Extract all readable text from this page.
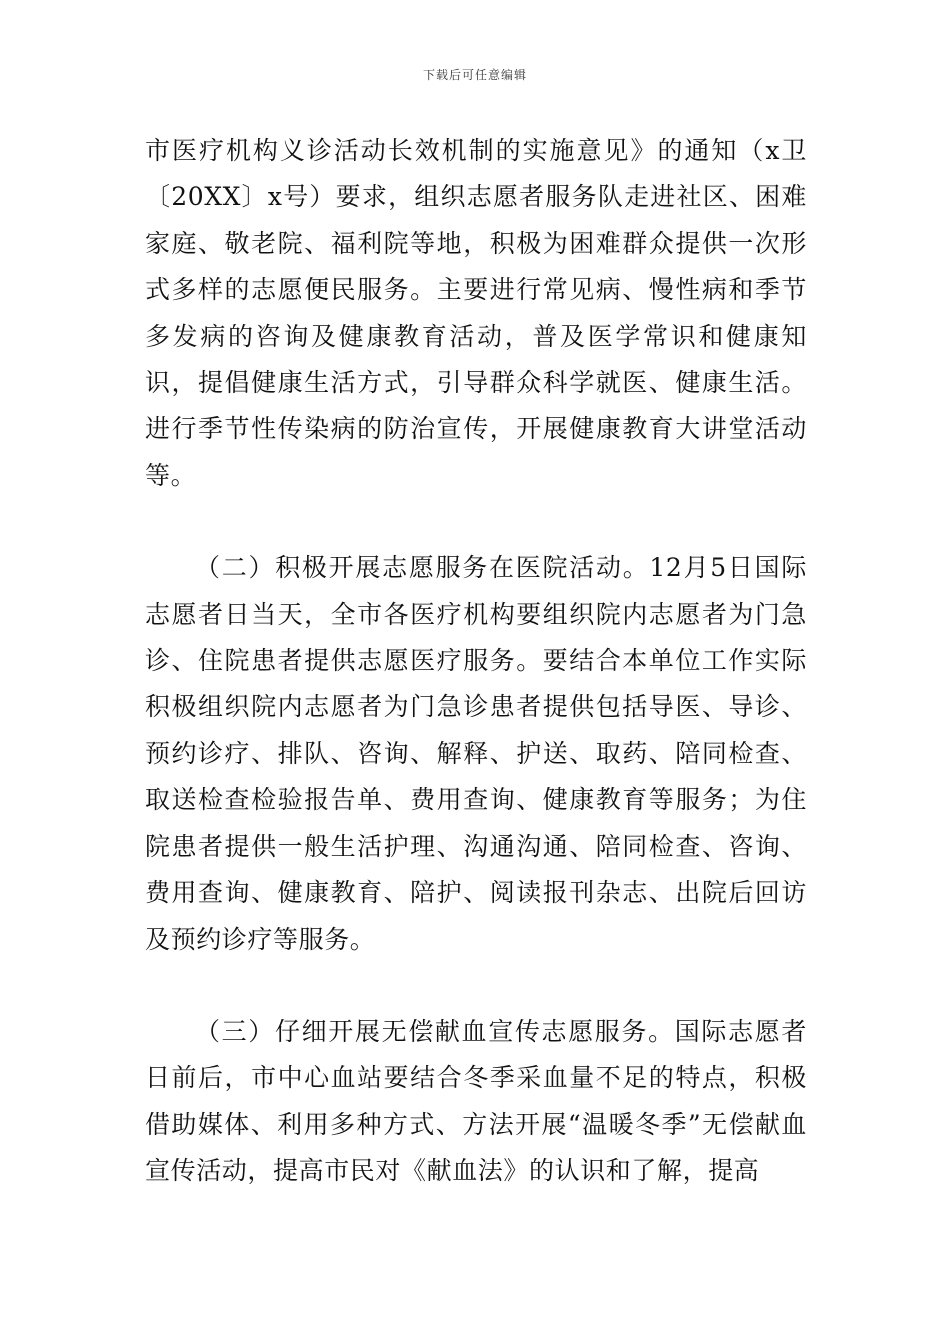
下载后可任意编辑

市医疗机构义诊活动长效机制的实施意见》的通知（x卫〔20XX〕x号）要求，组织志愿者服务队走进社区、困难家庭、敬老院、福利院等地，积极为困难群众提供一次形式多样的志愿便民服务。主要进行常见病、慢性病和季节多发病的咨询及健康教育活动，普及医学常识和健康知识，提倡健康生活方式，引导群众科学就医、健康生活。进行季节性传染病的防治宣传，开展健康教育大讲堂活动等。

（二）积极开展志愿服务在医院活动。12月5日国际志愿者日当天，全市各医疗机构要组织院内志愿者为门急诊、住院患者提供志愿医疗服务。要结合本单位工作实际积极组织院内志愿者为门急诊患者提供包括导医、导诊、预约诊疗、排队、咨询、解释、护送、取药、陪同检查、取送检查检验报告单、费用查询、健康教育等服务；为住院患者提供一般生活护理、沟通沟通、陪同检查、咨询、费用查询、健康教育、陪护、阅读报刊杂志、出院后回访及预约诊疗等服务。

（三）仔细开展无偿献血宣传志愿服务。国际志愿者日前后，市中心血站要结合冬季采血量不足的特点，积极借助媒体、利用多种方式、方法开展“温暖冬季”无偿献血宣传活动，提高市民对《献血法》的认识和了解，提高
